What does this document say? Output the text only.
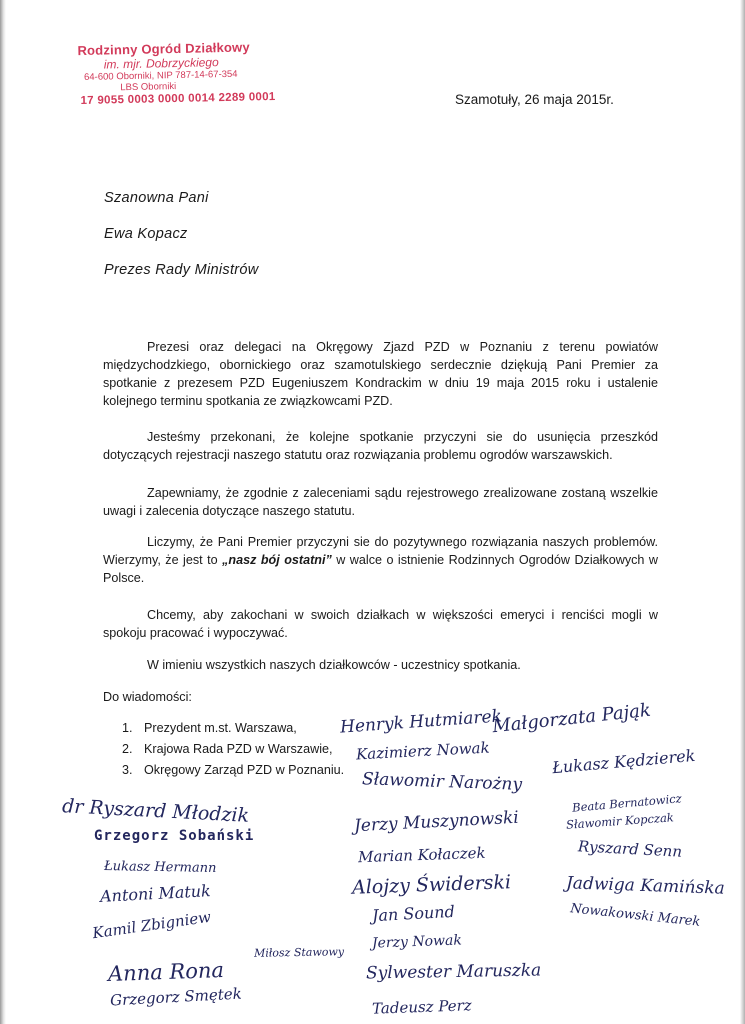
Rodzinny Ogród Działkowy
im. mjr. Dobrzyckiego
64-600 Oborniki, NIP 787-14-67-354
LBS Oborniki
17 9055 0003 0000 0014 2289 0001	Szamotuły, 26 maja 2015r.
Szanowna Pani
Ewa Kopacz
Prezes Rady Ministrów

Prezesi oraz delegaci na Okręgowy Zjazd PZD w Poznaniu z terenu powiatów międzychodzkiego, obornickiego oraz szamotulskiego serdecznie dziękują Pani Premier za spotkanie z prezesem PZD Eugeniuszem Kondrackim w dniu 19 maja 2015 roku i ustalenie kolejnego terminu spotkania ze związkowcami PZD.

Jesteśmy przekonani, że kolejne spotkanie przyczyni sie do usunięcia przeszkód dotyczących rejestracji naszego statutu oraz rozwiązania problemu ogrodów warszawskich.

Zapewniamy, że zgodnie z zaleceniami sądu rejestrowego zrealizowane zostaną wszelkie uwagi i zalecenia dotyczące naszego statutu.

Liczymy, że Pani Premier przyczyni sie do pozytywnego rozwiązania naszych problemów. Wierzymy, że jest to „nasz bój ostatni” w walce o istnienie Rodzinnych Ogrodów Działkowych w Polsce.

Chcemy, aby zakochani w swoich działkach w większości emeryci i renciści mogli w spokoju pracować i wypoczywać.

W imieniu wszystkich naszych działkowców - uczestnicy spotkania.

Do wiadomości:
1. Prezydent m.st. Warszawa,
2. Krajowa Rada PZD w Warszawie,
3. Okręgowy Zarząd PZD w Poznaniu.
Henryk Hutmiarek
Małgorzata Pająk
Kazimierz Nowak	Łukasz Kędzierek
Sławomir Narożny
dr Ryszard Młodzik	Jerzy Muszynowski
Beata Bernatowicz
Sławomir Kopczak
Grzegorz Sobański
Marian Kołaczek	Ryszard Senn
Łukasz Hermann
Antoni Matuk	Alojzy Świderski	Jadwiga Kamińska
Jan Sound	Nowakowski Marek
Jerzy Nowak
Kamil Zbigniew
Miłosz Stawowy
Anna Rona	Sylwester Maruszka
Grzegorz Smętek	Tadeusz Perz
